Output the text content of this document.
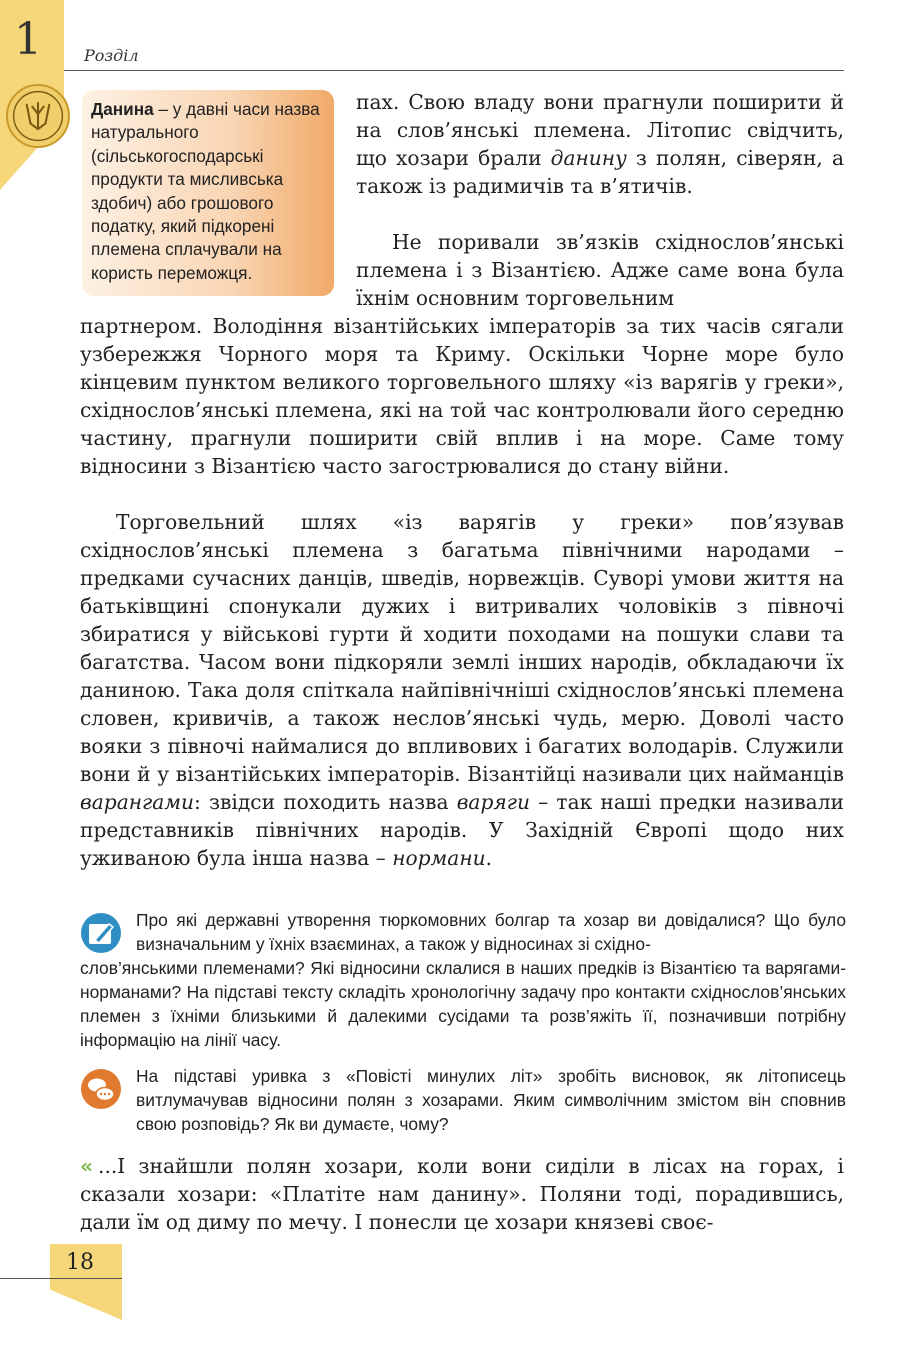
1	Розділ
Данина – у давні часи назва натурального (сільськогосподарські продукти та мисливська здобич) або грошового податку, який підкорені племена сплачували на користь переможця.

пах. Свою владу вони прагнули поширити й на слов’янські племена. Літопис свідчить, що хозари брали данину з полян, сіверян, а також із радимичів та в’ятичів.

Не поривали зв’язків східнослов’янські племена і з Візантією. Адже саме вона була їхнім основним торговельним
партнером. Володіння візантійських імператорів за тих часів сягали узбережжя Чорного моря та Криму. Оскільки Чорне море було кінцевим пунктом великого торговельного шляху «із варягів у греки», східнослов’янські племена, які на той час контролювали його середню частину, прагнули поширити свій вплив і на море. Саме тому відносини з Візантією часто загострювалися до стану війни.

Торговельний шлях «із варягів у греки» пов’язував східнослов’янські племена з багатьма північними народами – предками сучасних данців, шведів, норвежців. Суворі умови життя на батьківщині спонукали дужих і витривалих чоловіків з півночі збиратися у військові гурти й ходити походами на пошуки слави та багатства. Часом вони підкоряли землі інших народів, обкладаючи їх даниною. Така доля спіткала найпівнічніші східнослов’янські племена словен, кривичів, а також неслов’янські чудь, мерю. Доволі часто вояки з півночі наймалися до впливових і багатих володарів. Служили вони й у візантійських імператорів. Візантійці називали цих найманців варангами: звідси походить назва варяги – так наші предки називали представників північних народів. У Західній Європі щодо них уживаною була інша назва – нормани.

Про які державні утворення тюркомовних болгар та хозар ви довідалися? Що було визначальним у їхніх взаєминах, а також у відносинах зі східно-
слов’янськими племенами? Які відносини склалися в наших предків із Візантією та варягами-норманами? На підставі тексту складіть хронологічну задачу про контакти східнослов’янських племен з їхніми близькими й далекими сусідами та розв’яжіть її, позначивши потрібну інформацію на лінії часу.

На підставі уривка з «Повісті минулих літ» зробіть висновок, як літописець витлумачував відносини полян з хозарами. Яким символічним змістом він сповнив свою розповідь? Як ви думаєте, чому?

« ...І знайшли полян хозари, коли вони сиділи в лісах на горах, і сказали хозари: «Платіте нам данину». Поляни тоді, порадившись, дали їм од диму по мечу. І понесли це хозари князеві своє-

18
